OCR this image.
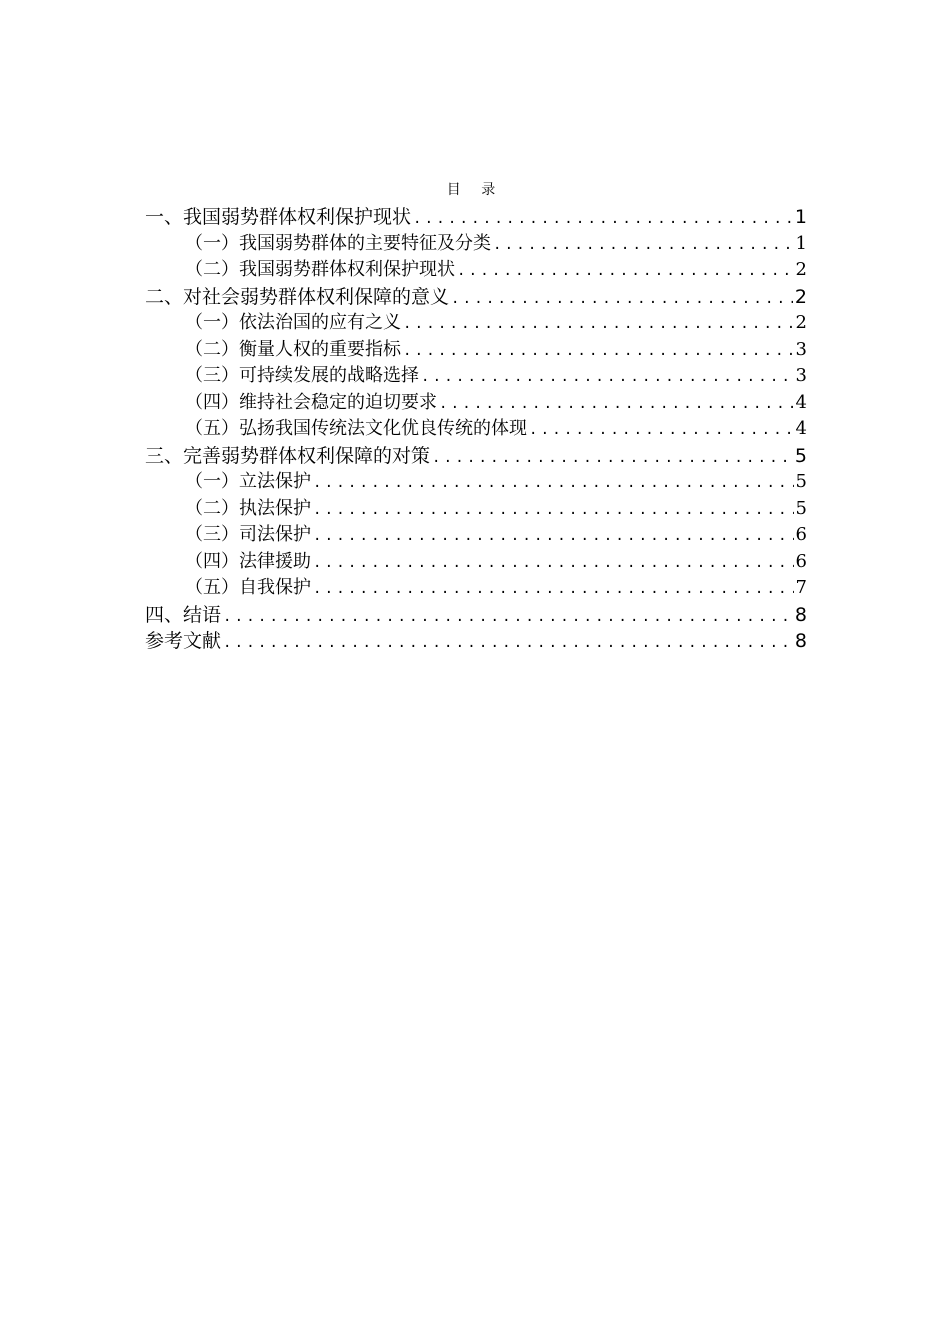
目 录
一、我国弱势群体权利保护现状 .....	1
（一）我国弱势群体的主要特征及分类 .....	1
（二）我国弱势群体权利保护现状 .....	2
二、对社会弱势群体权利保障的意义 .....	2
（一）依法治国的应有之义 .....	2
（二）衡量人权的重要指标 .....	3
（三）可持续发展的战略选择 .....	3
（四）维持社会稳定的迫切要求 .....	4
（五）弘扬我国传统法文化优良传统的体现 .....	4
三、完善弱势群体权利保障的对策 .....	5
（一）立法保护 .....	5
（二）执法保护 .....	5
（三）司法保护 .....	6
（四）法律援助 .....	6
（五）自我保护 .....	7
四、结语 .....	8
参考文献 .....	8
